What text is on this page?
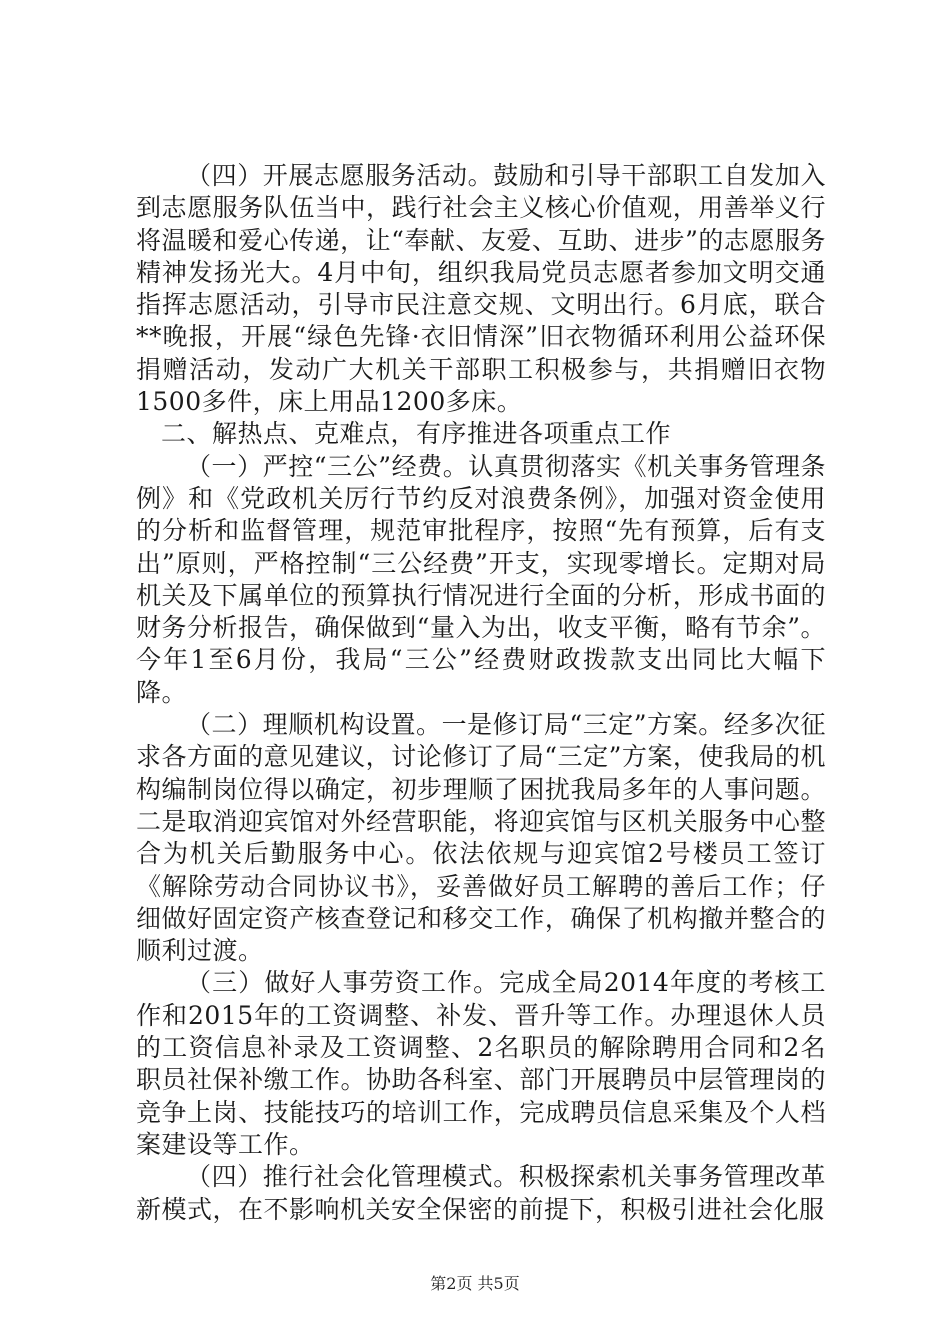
（四）开展志愿服务活动。鼓励和引导干部职工自发加入到志愿服务队伍当中，践行社会主义核心价值观，用善举义行将温暖和爱心传递，让“奉献、友爱、互助、进步”的志愿服务精神发扬光大。4月中旬，组织我局党员志愿者参加文明交通指挥志愿活动，引导市民注意交规、文明出行。6月底，联合**晚报，开展“绿色先锋·衣旧情深”旧衣物循环利用公益环保捐赠活动，发动广大机关干部职工积极参与，共捐赠旧衣物1500多件，床上用品1200多床。

二、解热点、克难点，有序推进各项重点工作

（一）严控“三公”经费。认真贯彻落实《机关事务管理条例》和《党政机关厉行节约反对浪费条例》，加强对资金使用的分析和监督管理，规范审批程序，按照“先有预算，后有支出”原则，严格控制“三公经费”开支，实现零增长。定期对局机关及下属单位的预算执行情况进行全面的分析，形成书面的财务分析报告，确保做到“量入为出，收支平衡，略有节余”。今年1至6月份，我局“三公”经费财政拨款支出同比大幅下降。

（二）理顺机构设置。一是修订局“三定”方案。经多次征求各方面的意见建议，讨论修订了局“三定”方案，使我局的机构编制岗位得以确定，初步理顺了困扰我局多年的人事问题。二是取消迎宾馆对外经营职能，将迎宾馆与区机关服务中心整合为机关后勤服务中心。依法依规与迎宾馆2号楼员工签订《解除劳动合同协议书》，妥善做好员工解聘的善后工作；仔细做好固定资产核查登记和移交工作，确保了机构撤并整合的顺利过渡。

（三）做好人事劳资工作。完成全局2014年度的考核工作和2015年的工资调整、补发、晋升等工作。办理退休人员的工资信息补录及工资调整、2名职员的解除聘用合同和2名职员社保补缴工作。协助各科室、部门开展聘员中层管理岗的竞争上岗、技能技巧的培训工作，完成聘员信息采集及个人档案建设等工作。

（四）推行社会化管理模式。积极探索机关事务管理改革新模式，在不影响机关安全保密的前提下，积极引进社会化服

第2页 共5页
